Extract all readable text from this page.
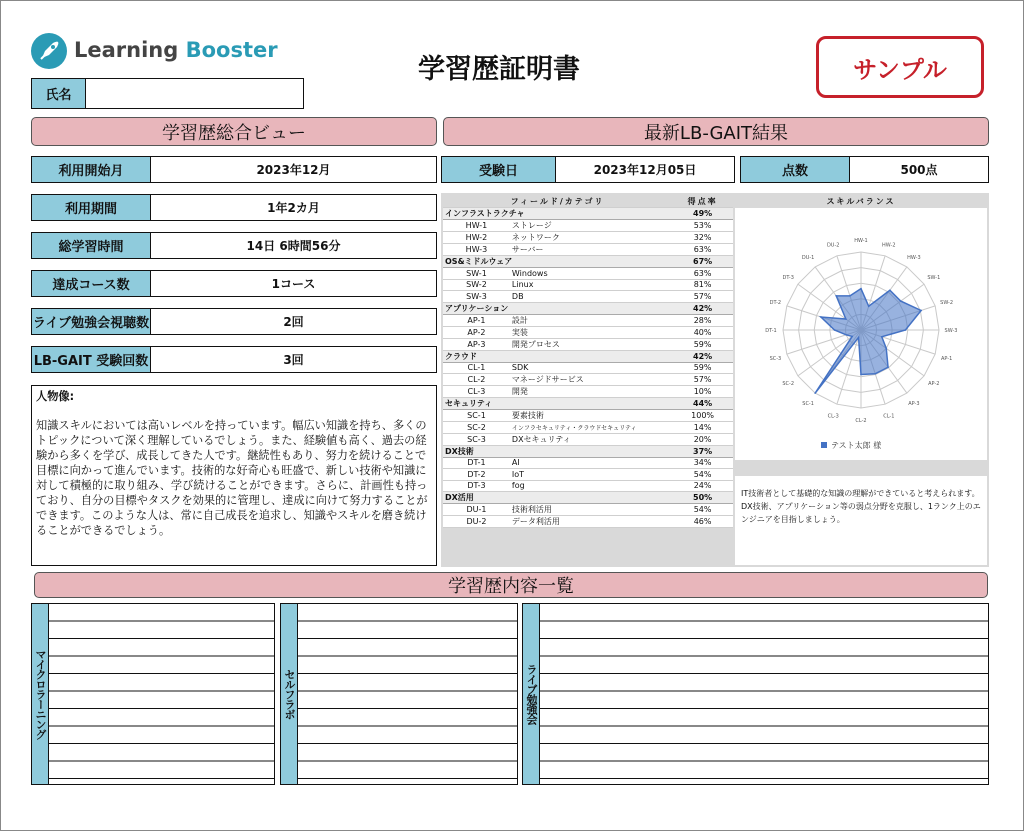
Learning Booster
学習歴証明書	サンプル
氏名
学習歴総合ビュー
利用開始月	2023年12月
利用期間	1年2カ月
総学習時間	14日 6時間56分
達成コース数	1コース
ライブ勉強会視聴数	2回
LB-GAIT 受験回数	3回
人物像:
知識スキルにおいては高いレベルを持っています。幅広い知識を持ち、多くのトピックについて深く理解しているでしょう。また、経験値も高く、過去の経験から多くを学び、成長してきた人です。継続性もあり、努力を続けることで目標に向かって進んでいます。技術的な好奇心も旺盛で、新しい技術や知識に対して積極的に取り組み、学び続けることができます。さらに、計画性も持っており、自分の目標やタスクを効果的に管理し、達成に向けて努力することができます。このような人は、常に自己成長を追求し、知識やスキルを磨き続けることができるでしょう。
最新LB-GAIT結果
受験日	2023年12月05日	点数	500点
フィールド/カテゴリ		得点率
インフラストラクチャ		49%
HW-1	ストレージ	53%
HW-2	ネットワーク	32%
HW-3	サーバー	63%
OS&ミドルウェア		67%
SW-1	Windows	63%
SW-2	Linux	81%
SW-3	DB	57%
アプリケーション		42%
AP-1	設計	28%
AP-2	実装	40%
AP-3	開発プロセス	59%
クラウド		42%
CL-1	SDK	59%
CL-2	マネージドサービス	57%
CL-3	開発	10%
セキュリティ		44%
SC-1	要素技術	100%
SC-2	インフラセキュリティ・クラウドセキュリティ	14%
SC-3	DXセキュリティ	20%
DX技術		37%
DT-1	AI	34%
DT-2	IoT	54%
DT-3	fog	24%
DX活用		50%
DU-1	技術利活用	54%
DU-2	データ利活用	46%
スキルバランス
HW-1
HW-2
HW-3
SW-1
SW-2
SW-3
AP-1
AP-2
AP-3
CL-1
CL-2
CL-3
SC-1
SC-2
SC-3
DT-1
DT-2
DT-3
DU-1
DU-2
テスト太郎 様
IT技術者として基礎的な知識の理解ができていると考えられます。DX技術、アプリケーション等の弱点分野を克服し、1ランク上のエンジニアを目指しましょう。
学習歴内容一覧
マイクロラーニング	セルフラボ	ライブ勉強会
